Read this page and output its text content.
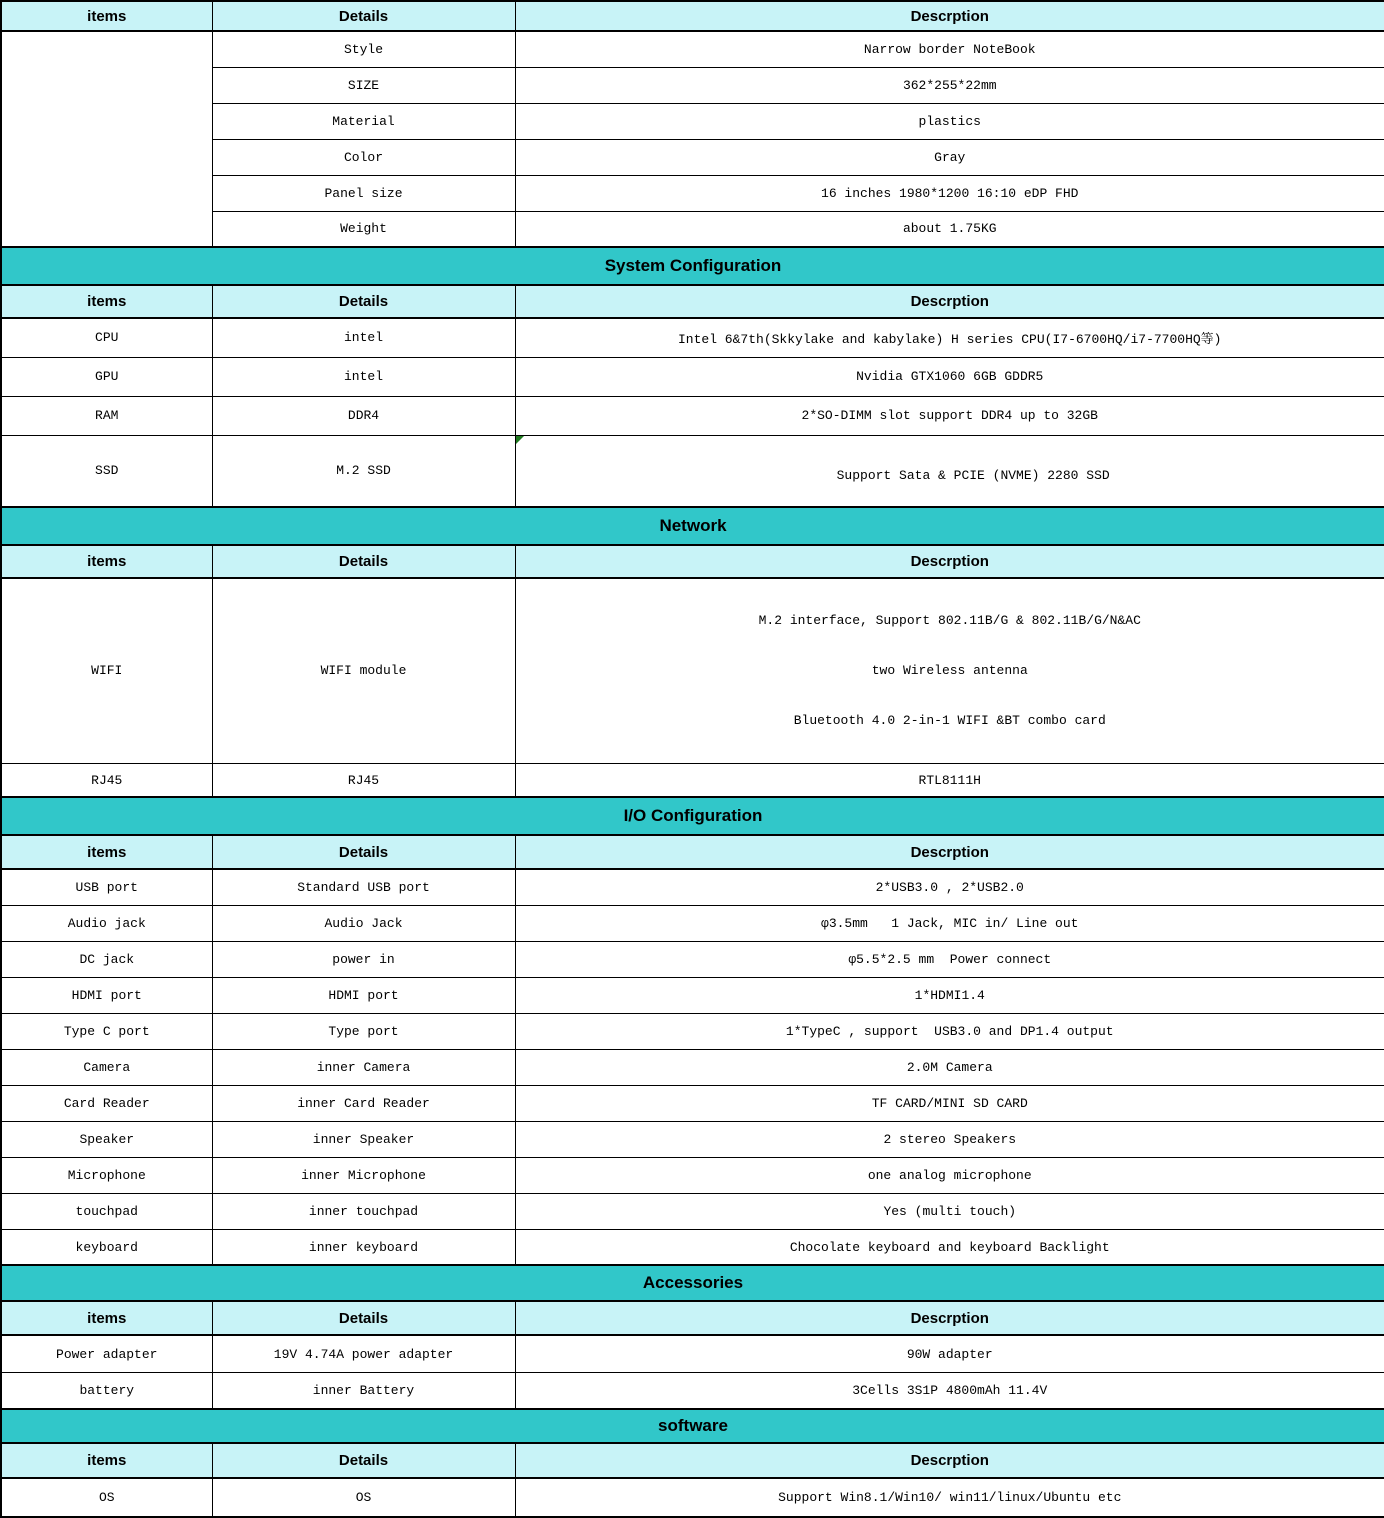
items	Details	Descrption
	Style	Narrow border NoteBook
	SIZE	362*255*22mm
	Material	plastics
	Color	Gray
	Panel size	16 inches 1980*1200 16:10 eDP FHD
	Weight	about 1.75KG
System Configuration		
items	Details	Descrption
CPU	intel	Intel 6&7th(Skkylake and kabylake) H series CPU(I7-6700HQ/i7-7700HQ等)
GPU	intel	Nvidia GTX1060 6GB GDDR5
RAM	DDR4	2*SO-DIMM slot support DDR4 up to 32GB
SSD	M.2 SSD	Support Sata & PCIE (NVME) 2280 SSD

Network		
items	Details	Descrption
WIFI	WIFI module	M.2 interface, Support 802.11B/G & 802.11B/G/N&AC

two Wireless antenna

Bluetooth 4.0 2-in-1 WIFI &BT combo card

RJ45	RJ45	RTL8111H
I/O Configuration		
items	Details	Descrption
USB port	Standard USB port	2*USB3.0 , 2*USB2.0
Audio jack	Audio Jack	φ3.5mm   1 Jack, MIC in/ Line out
DC jack	power in	φ5.5*2.5 mm  Power connect
HDMI port	HDMI port	1*HDMI1.4
Type C port	Type port	1*TypeC , support  USB3.0 and DP1.4 output
Camera	inner Camera	2.0M Camera
Card Reader	inner Card Reader	TF CARD/MINI SD CARD
Speaker	inner Speaker	2 stereo Speakers
Microphone	inner Microphone	one analog microphone
touchpad	inner touchpad	Yes (multi touch)
keyboard	inner keyboard	Chocolate keyboard and keyboard Backlight
Accessories		
items	Details	Descrption
Power adapter	19V 4.74A power adapter	90W adapter
battery	inner Battery	3Cells 3S1P 4800mAh 11.4V
software		
items	Details	Descrption
OS	OS	Support Win8.1/Win10/ win11/linux/Ubuntu etc
